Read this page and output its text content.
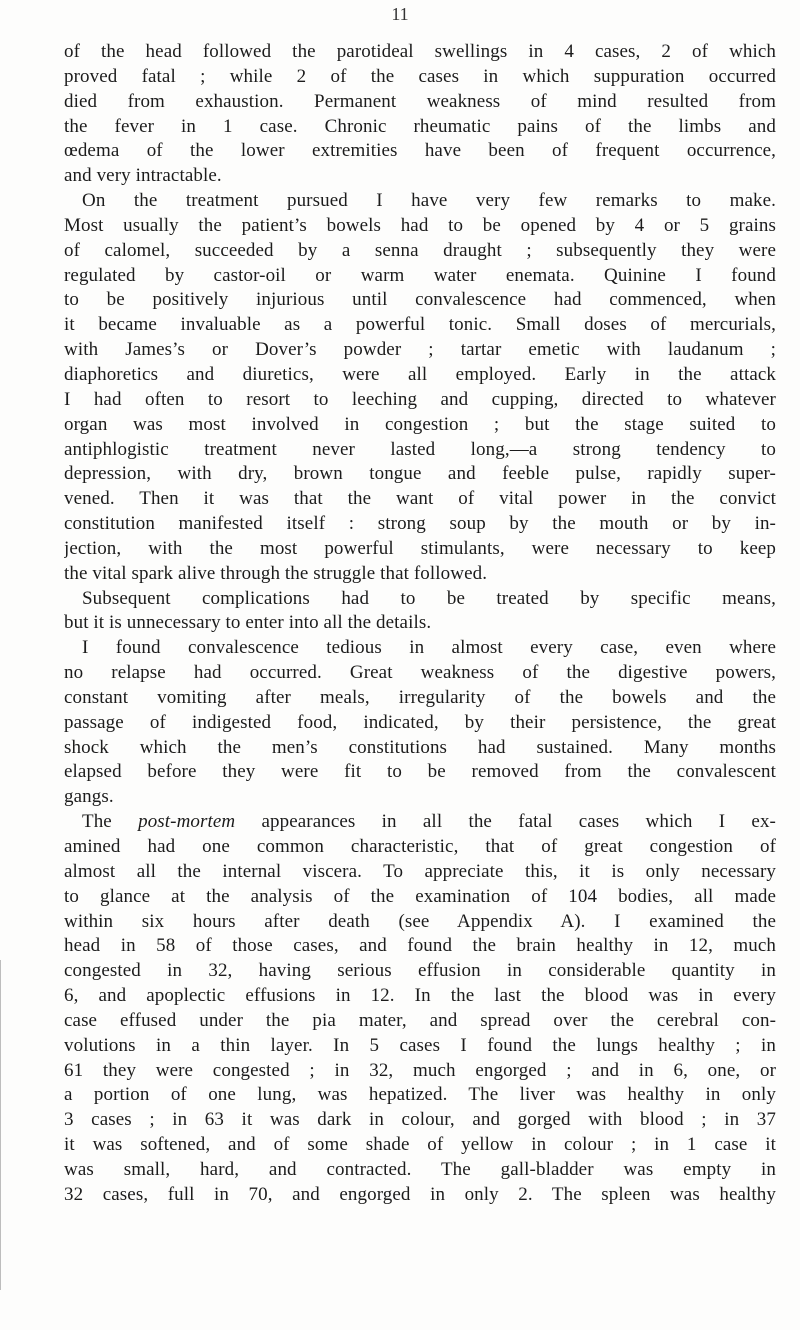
11
of the head followed the parotideal swellings in 4 cases, 2 of which
proved fatal ; while 2 of the cases in which suppuration occurred
died from exhaustion. Permanent weakness of mind resulted from
the fever in 1 case. Chronic rheumatic pains of the limbs and
œdema of the lower extremities have been of frequent occurrence,
and very intractable.
On the treatment pursued I have very few remarks to make.
Most usually the patient’s bowels had to be opened by 4 or 5 grains
of calomel, succeeded by a senna draught ; subsequently they were
regulated by castor-oil or warm water enemata. Quinine I found
to be positively injurious until convalescence had commenced, when
it became invaluable as a powerful tonic. Small doses of mercurials,
with James’s or Dover’s powder ; tartar emetic with laudanum ;
diaphoretics and diuretics, were all employed. Early in the attack
I had often to resort to leeching and cupping, directed to whatever
organ was most involved in congestion ; but the stage suited to
antiphlogistic treatment never lasted long,—a strong tendency to
depression, with dry, brown tongue and feeble pulse, rapidly super-
vened. Then it was that the want of vital power in the convict
constitution manifested itself : strong soup by the mouth or by in-
jection, with the most powerful stimulants, were necessary to keep
the vital spark alive through the struggle that followed.
Subsequent complications had to be treated by specific means,
but it is unnecessary to enter into all the details.
I found convalescence tedious in almost every case, even where
no relapse had occurred. Great weakness of the digestive powers,
constant vomiting after meals, irregularity of the bowels and the
passage of indigested food, indicated, by their persistence, the great
shock which the men’s constitutions had sustained. Many months
elapsed before they were fit to be removed from the convalescent
gangs.
The post-mortem appearances in all the fatal cases which I ex-
amined had one common characteristic, that of great congestion of
almost all the internal viscera. To appreciate this, it is only necessary
to glance at the analysis of the examination of 104 bodies, all made
within six hours after death (see Appendix A). I examined the
head in 58 of those cases, and found the brain healthy in 12, much
congested in 32, having serious effusion in considerable quantity in
6, and apoplectic effusions in 12. In the last the blood was in every
case effused under the pia mater, and spread over the cerebral con-
volutions in a thin layer. In 5 cases I found the lungs healthy ; in
61 they were congested ; in 32, much engorged ; and in 6, one, or
a portion of one lung, was hepatized. The liver was healthy in only
3 cases ; in 63 it was dark in colour, and gorged with blood ; in 37
it was softened, and of some shade of yellow in colour ; in 1 case it
was small, hard, and contracted. The gall-bladder was empty in
32 cases, full in 70, and engorged in only 2. The spleen was healthy
